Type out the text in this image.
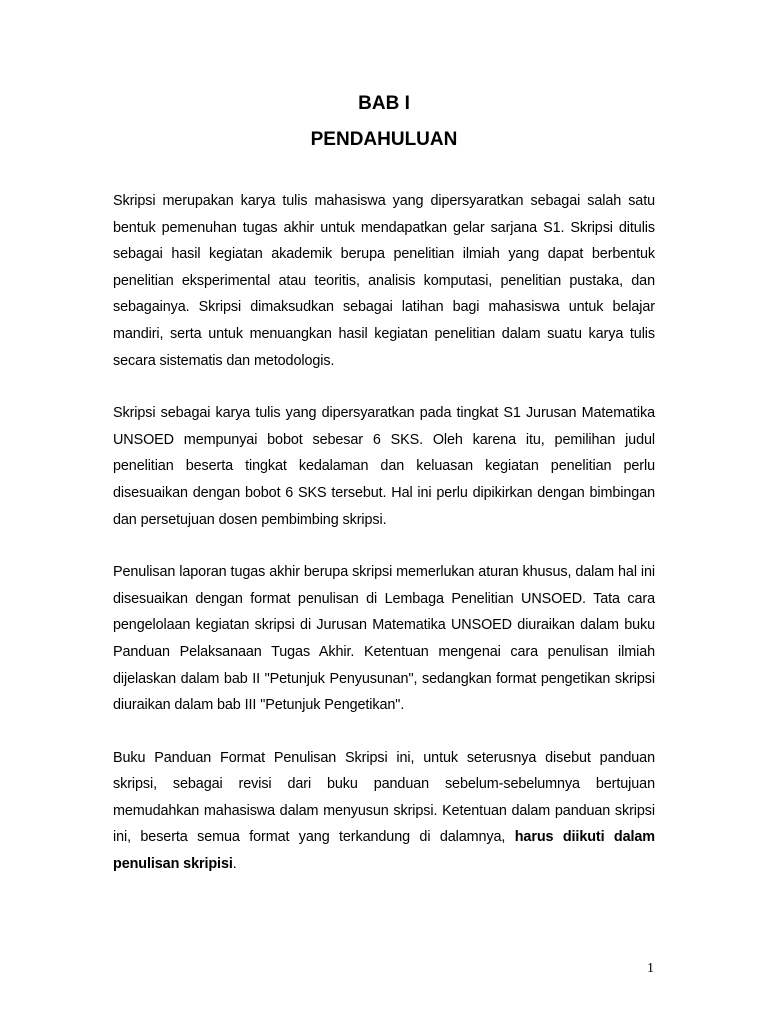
BAB I
PENDAHULUAN

Skripsi merupakan karya tulis mahasiswa yang dipersyaratkan sebagai salah satu bentuk pemenuhan tugas akhir untuk mendapatkan gelar sarjana S1. Skripsi ditulis sebagai hasil kegiatan akademik berupa penelitian ilmiah yang dapat berbentuk penelitian eksperimental atau teoritis, analisis komputasi, penelitian pustaka, dan sebagainya. Skripsi dimaksudkan sebagai latihan bagi mahasiswa untuk belajar mandiri, serta untuk menuangkan hasil kegiatan penelitian dalam suatu karya tulis secara sistematis dan metodologis.

Skripsi sebagai karya tulis yang dipersyaratkan pada tingkat S1 Jurusan Matematika UNSOED mempunyai bobot sebesar 6 SKS. Oleh karena itu, pemilihan judul penelitian beserta tingkat kedalaman dan keluasan kegiatan penelitian perlu disesuaikan dengan bobot 6 SKS tersebut. Hal ini perlu dipikirkan dengan bimbingan dan persetujuan dosen pembimbing skripsi.

Penulisan laporan tugas akhir berupa skripsi memerlukan aturan khusus, dalam hal ini disesuaikan dengan format penulisan di Lembaga Penelitian UNSOED. Tata cara pengelolaan kegiatan skripsi di Jurusan Matematika UNSOED diuraikan dalam buku Panduan Pelaksanaan Tugas Akhir. Ketentuan mengenai cara penulisan ilmiah dijelaskan dalam bab II "Petunjuk Penyusunan", sedangkan format pengetikan skripsi diuraikan dalam bab III "Petunjuk Pengetikan".

Buku Panduan Format Penulisan Skripsi ini, untuk seterusnya disebut panduan skripsi, sebagai revisi dari buku panduan sebelum-sebelumnya bertujuan memudahkan mahasiswa dalam menyusun skripsi. Ketentuan dalam panduan skripsi ini, beserta semua format yang terkandung di dalamnya, harus diikuti dalam penulisan skripisi.

1
